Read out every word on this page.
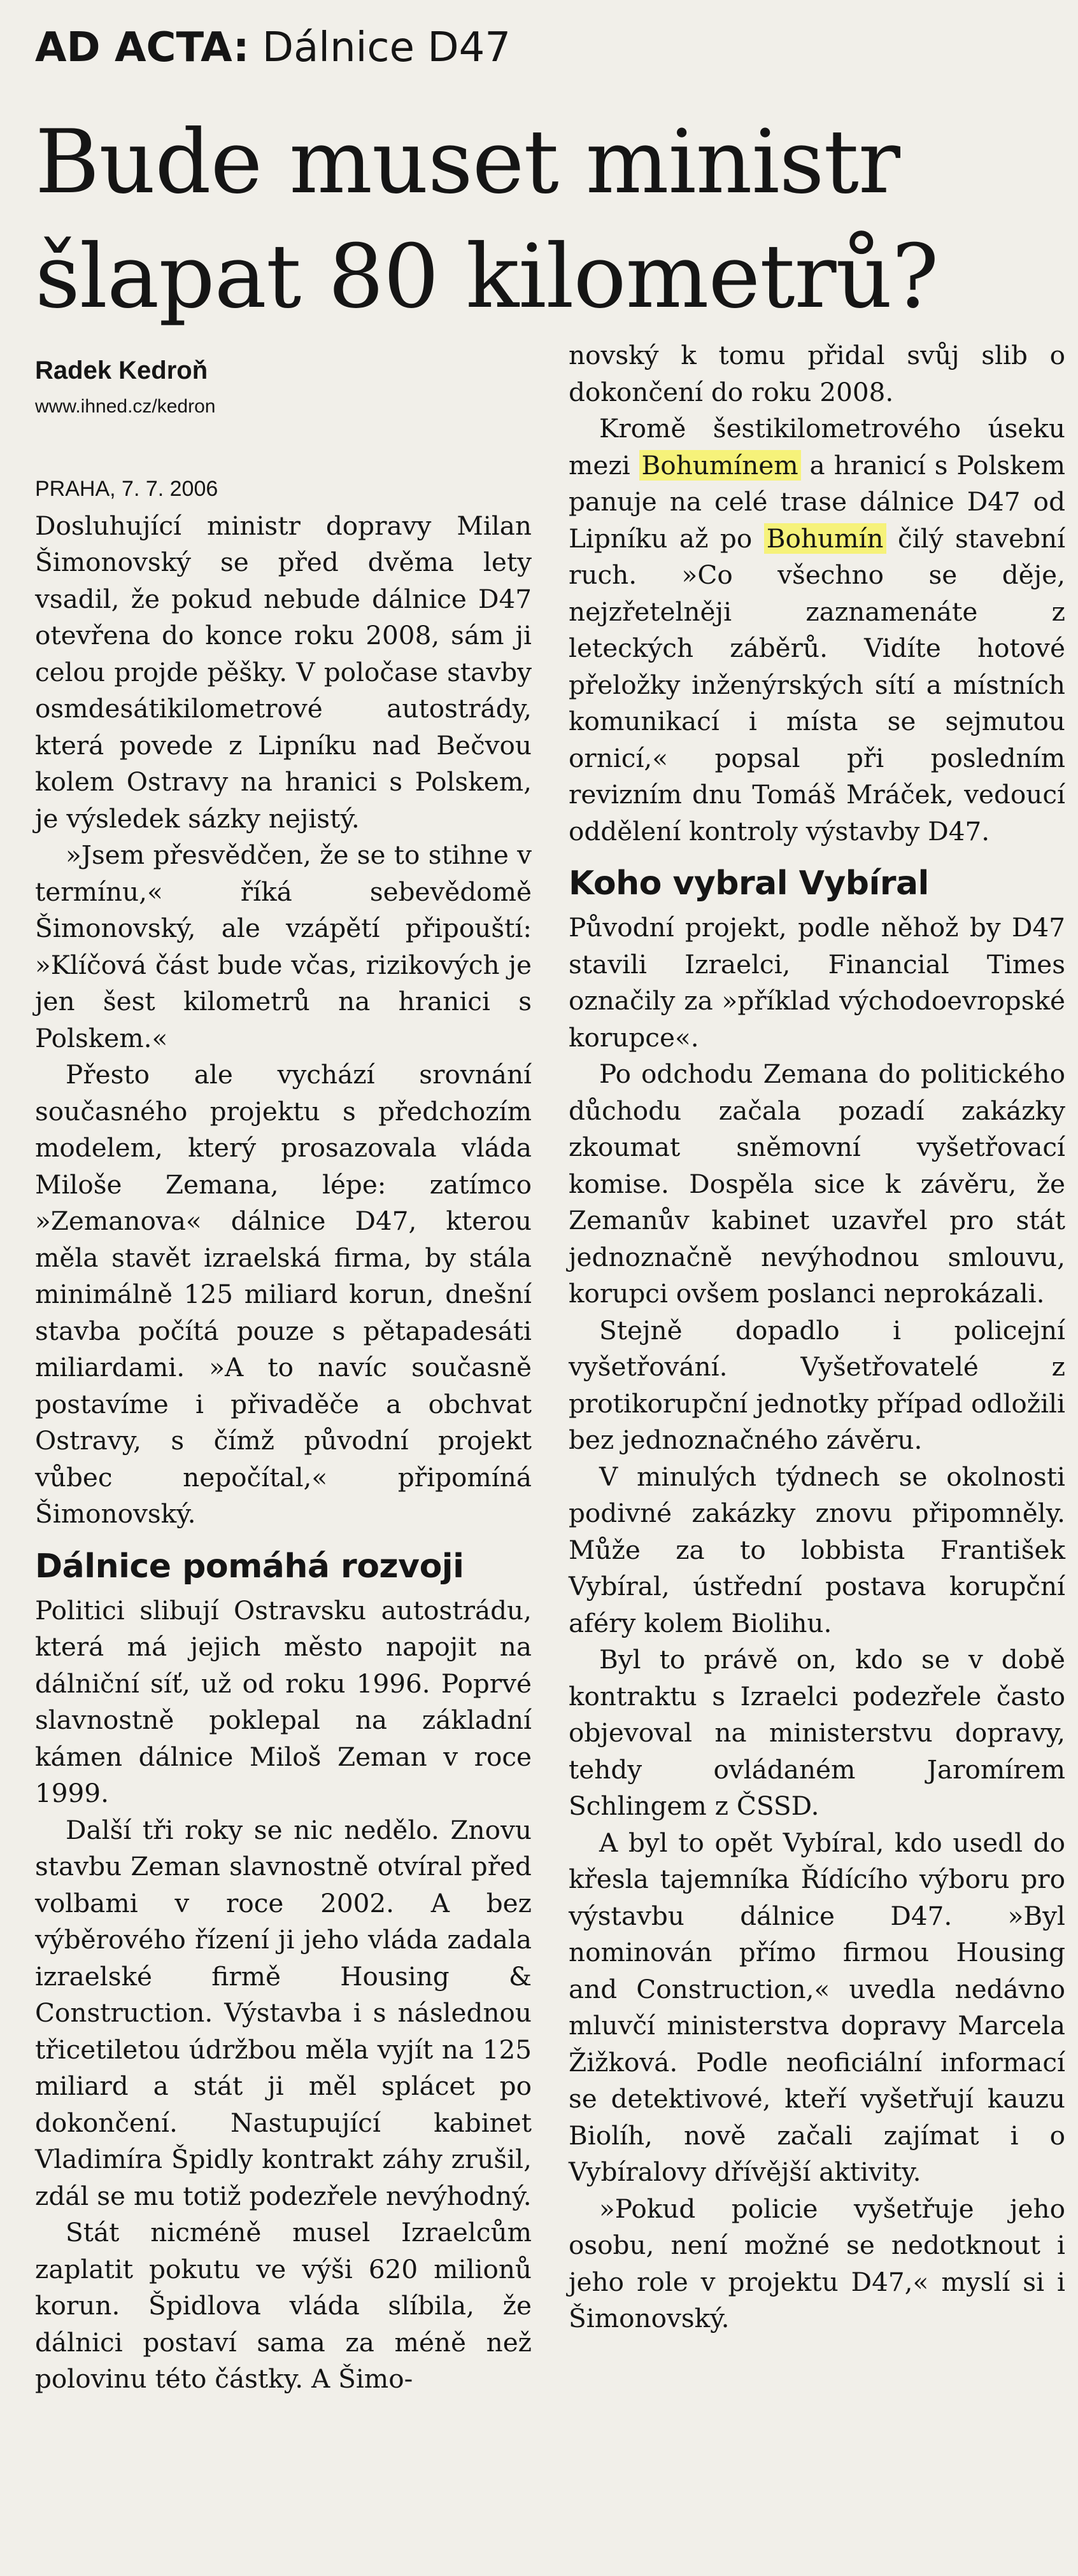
AD ACTA: Dálnice D47
Bude muset ministr
šlapat 80 kilometrů?
Radek Kedroň
www.ihned.cz/kedron
PRAHA, 7. 7. 2006

Dosluhující ministr dopravy Milan Šimonovský se před dvěma lety vsadil, že pokud nebude dálnice D47 otevřena do konce roku 2008, sám ji celou projde pěšky. V poločase stavby osmdesátikilometrové autostrády, která povede z Lipníku nad Bečvou kolem Ostravy na hranici s Polskem, je výsledek sázky nejistý.

»Jsem přesvědčen, že se to stihne v termínu,« říká sebevědomě Šimonovský, ale vzápětí připouští: »Klíčová část bude včas, rizikových je jen šest kilometrů na hranici s Polskem.«

Přesto ale vychází srovnání současného projektu s předchozím modelem, který prosazovala vláda Miloše Zemana, lépe: zatímco »Zemanova« dálnice D47, kterou měla stavět izraelská firma, by stála minimálně 125 miliard korun, dnešní stavba počítá pouze s pětapadesáti miliardami. »A to navíc současně postavíme i přivaděče a obchvat Ostravy, s čímž původní projekt vůbec nepočítal,« připomíná Šimonovský.

Dálnice pomáhá rozvoji

Politici slibují Ostravsku autostrádu, která má jejich město napojit na dálniční síť, už od roku 1996. Poprvé slavnostně poklepal na základní kámen dálnice Miloš Zeman v roce 1999.

Další tři roky se nic nedělo. Znovu stavbu Zeman slavnostně otvíral před volbami v roce 2002. A bez výběrového řízení ji jeho vláda zadala izraelské firmě Housing & Construction. Výstavba i s následnou třicetiletou údržbou měla vyjít na 125 miliard a stát ji měl splácet po dokončení. Nastupující kabinet Vladimíra Špidly kontrakt záhy zrušil, zdál se mu totiž podezřele nevýhodný.

Stát nicméně musel Izraelcům zaplatit pokutu ve výši 620 milionů korun. Špidlova vláda slíbila, že dálnici postaví sama za méně než polovinu této částky. A Šimo-

novský k tomu přidal svůj slib o dokončení do roku 2008.

Kromě šestikilometrového úseku mezi Bohumínem a hranicí s Polskem panuje na celé trase dálnice D47 od Lipníku až po Bohumín čilý stavební ruch. »Co všechno se děje, nejzřetelněji zaznamenáte z leteckých záběrů. Vidíte hotové přeložky inženýrských sítí a místních komunikací i místa se sejmutou ornicí,« popsal při posledním revizním dnu Tomáš Mráček, vedoucí oddělení kontroly výstavby D47.

Koho vybral Vybíral

Původní projekt, podle něhož by D47 stavili Izraelci, Financial Times označily za »příklad východoevropské korupce«.

Po odchodu Zemana do politického důchodu začala pozadí zakázky zkoumat sněmovní vyšetřovací komise. Dospěla sice k závěru, že Zemanův kabinet uzavřel pro stát jednoznačně nevýhodnou smlouvu, korupci ovšem poslanci neprokázali.

Stejně dopadlo i policejní vyšetřování. Vyšetřovatelé z protikorupční jednotky případ odložili bez jednoznačného závěru.

V minulých týdnech se okolnosti podivné zakázky znovu připomněly. Může za to lobbista František Vybíral, ústřední postava korupční aféry kolem Biolihu.

Byl to právě on, kdo se v době kontraktu s Izraelci podezřele často objevoval na ministerstvu dopravy, tehdy ovládaném Jaromírem Schlingem z ČSSD.

A byl to opět Vybíral, kdo usedl do křesla tajemníka Řídícího výboru pro výstavbu dálnice D47. »Byl nominován přímo firmou Housing and Construction,« uvedla nedávno mluvčí ministerstva dopravy Marcela Žižková. Podle neoficiální informací se detektivové, kteří vyšetřují kauzu Biolíh, nově začali zajímat i o Vybíralovy dřívější aktivity.

»Pokud policie vyšetřuje jeho osobu, není možné se nedotknout i jeho role v projektu D47,« myslí si i Šimonovský.
